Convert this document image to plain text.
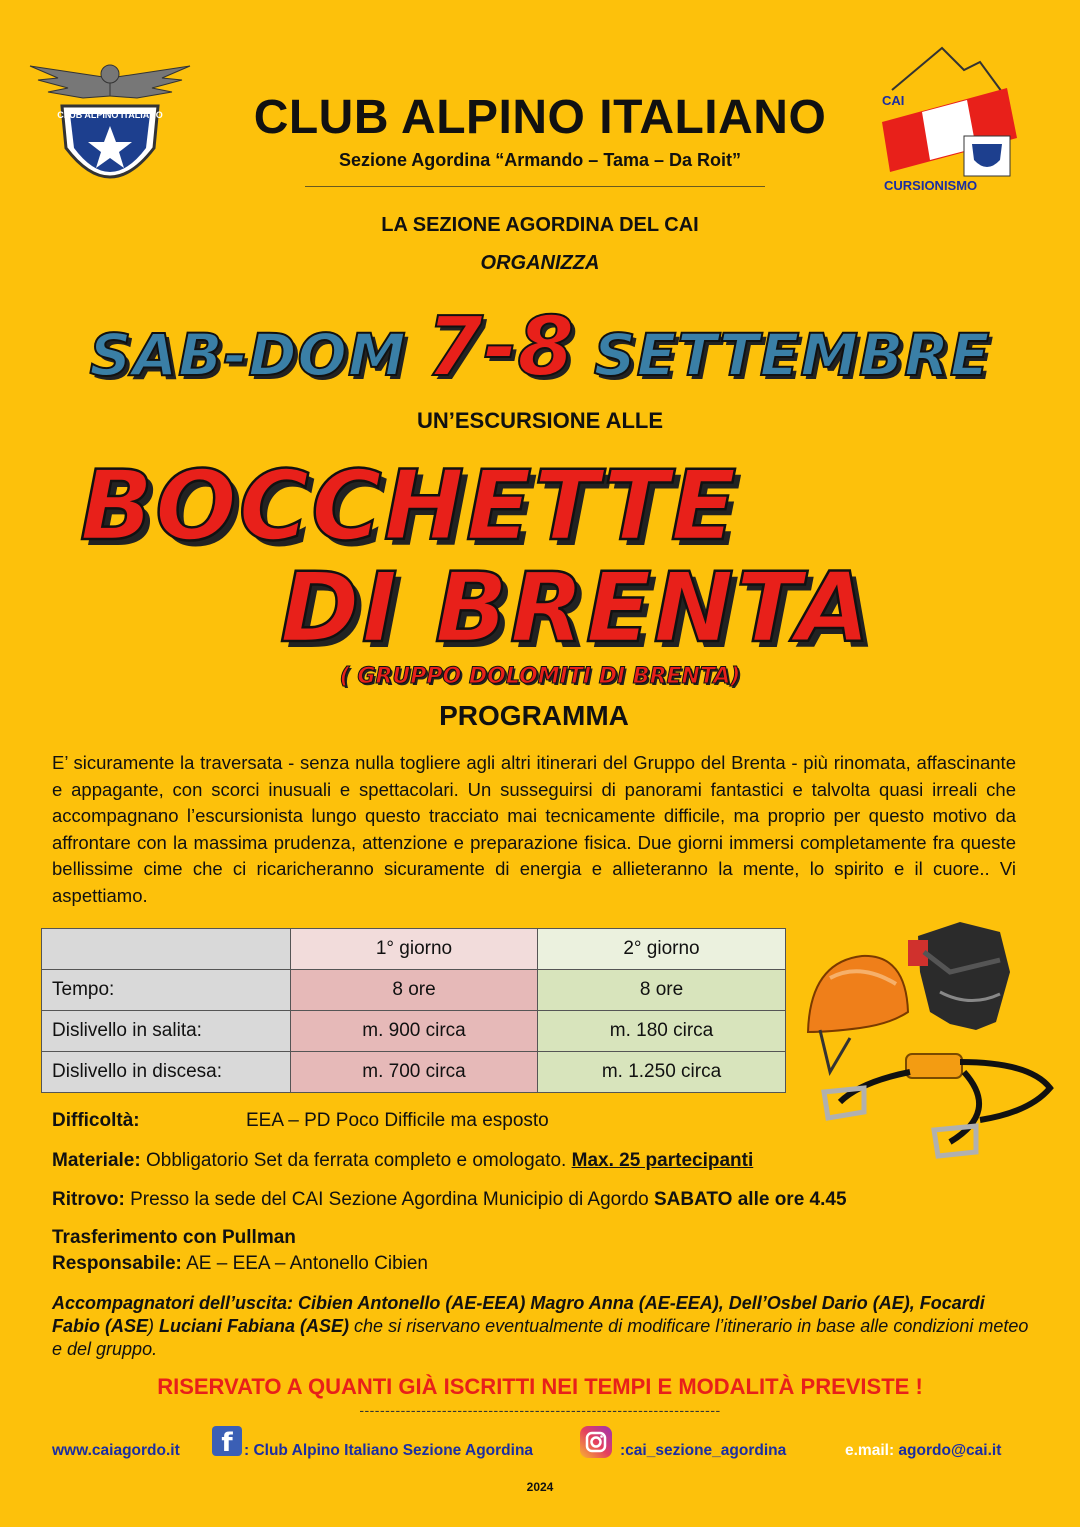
CLUB ALPINO ITALIANO
CAI
CURSIONISMO
CLUB ALPINO ITALIANO
Sezione Agordina “Armando – Tama – Da Roit”
LA SEZIONE AGORDINA DEL CAI
ORGANIZZA
SAB-DOM 7-8 SETTEMBRE
UN’ESCURSIONE ALLE
BOCCHETTE
DI BRENTA
( GRUPPO DOLOMITI DI BRENTA)
PROGRAMMA
E’ sicuramente la traversata - senza nulla togliere agli altri itinerari del Gruppo del Brenta - più rinomata, affascinante e appagante, con scorci inusuali e spettacolari. Un susseguirsi di panorami fantastici e talvolta quasi irreali che accompagnano l’escursionista lungo questo tracciato mai tecnicamente difficile, ma proprio per questo motivo da affrontare con la massima prudenza, attenzione e preparazione fisica. Due giorni immersi completamente fra queste bellissime cime che ci ricaricheranno sicuramente di energia e allieteranno la mente, lo spirito e il cuore.. Vi aspettiamo.
	1° giorno	2° giorno
Tempo:	8 ore	8 ore
Dislivello in salita:	m. 900 circa	m. 180 circa
Dislivello in discesa:	m. 700 circa	m. 1.250 circa
Difficoltà:	EEA – PD Poco Difficile ma esposto
Materiale: Obbligatorio Set da ferrata completo e omologato. Max. 25 partecipanti
Ritrovo: Presso la sede del CAI Sezione Agordina Municipio di Agordo SABATO alle ore 4.45
Trasferimento con Pullman
Responsabile: AE – EEA – Antonello Cibien
Accompagnatori dell’uscita: Cibien Antonello (AE-EEA) Magro Anna (AE-EEA), Dell’Osbel Dario (AE), Focardi Fabio (ASE) Luciani Fabiana (ASE) che si riservano eventualmente di modificare l’itinerario in base alle condizioni meteo e del gruppo.
RISERVATO A QUANTI GIÀ ISCRITTI NEI TEMPI E MODALITÀ PREVISTE !
----------------------------------------------------------------------
www.caiagordo.it	f : Club Alpino Italiano Sezione Agordina	:cai_sezione_agordina	e.mail: agordo@cai.it
2024
